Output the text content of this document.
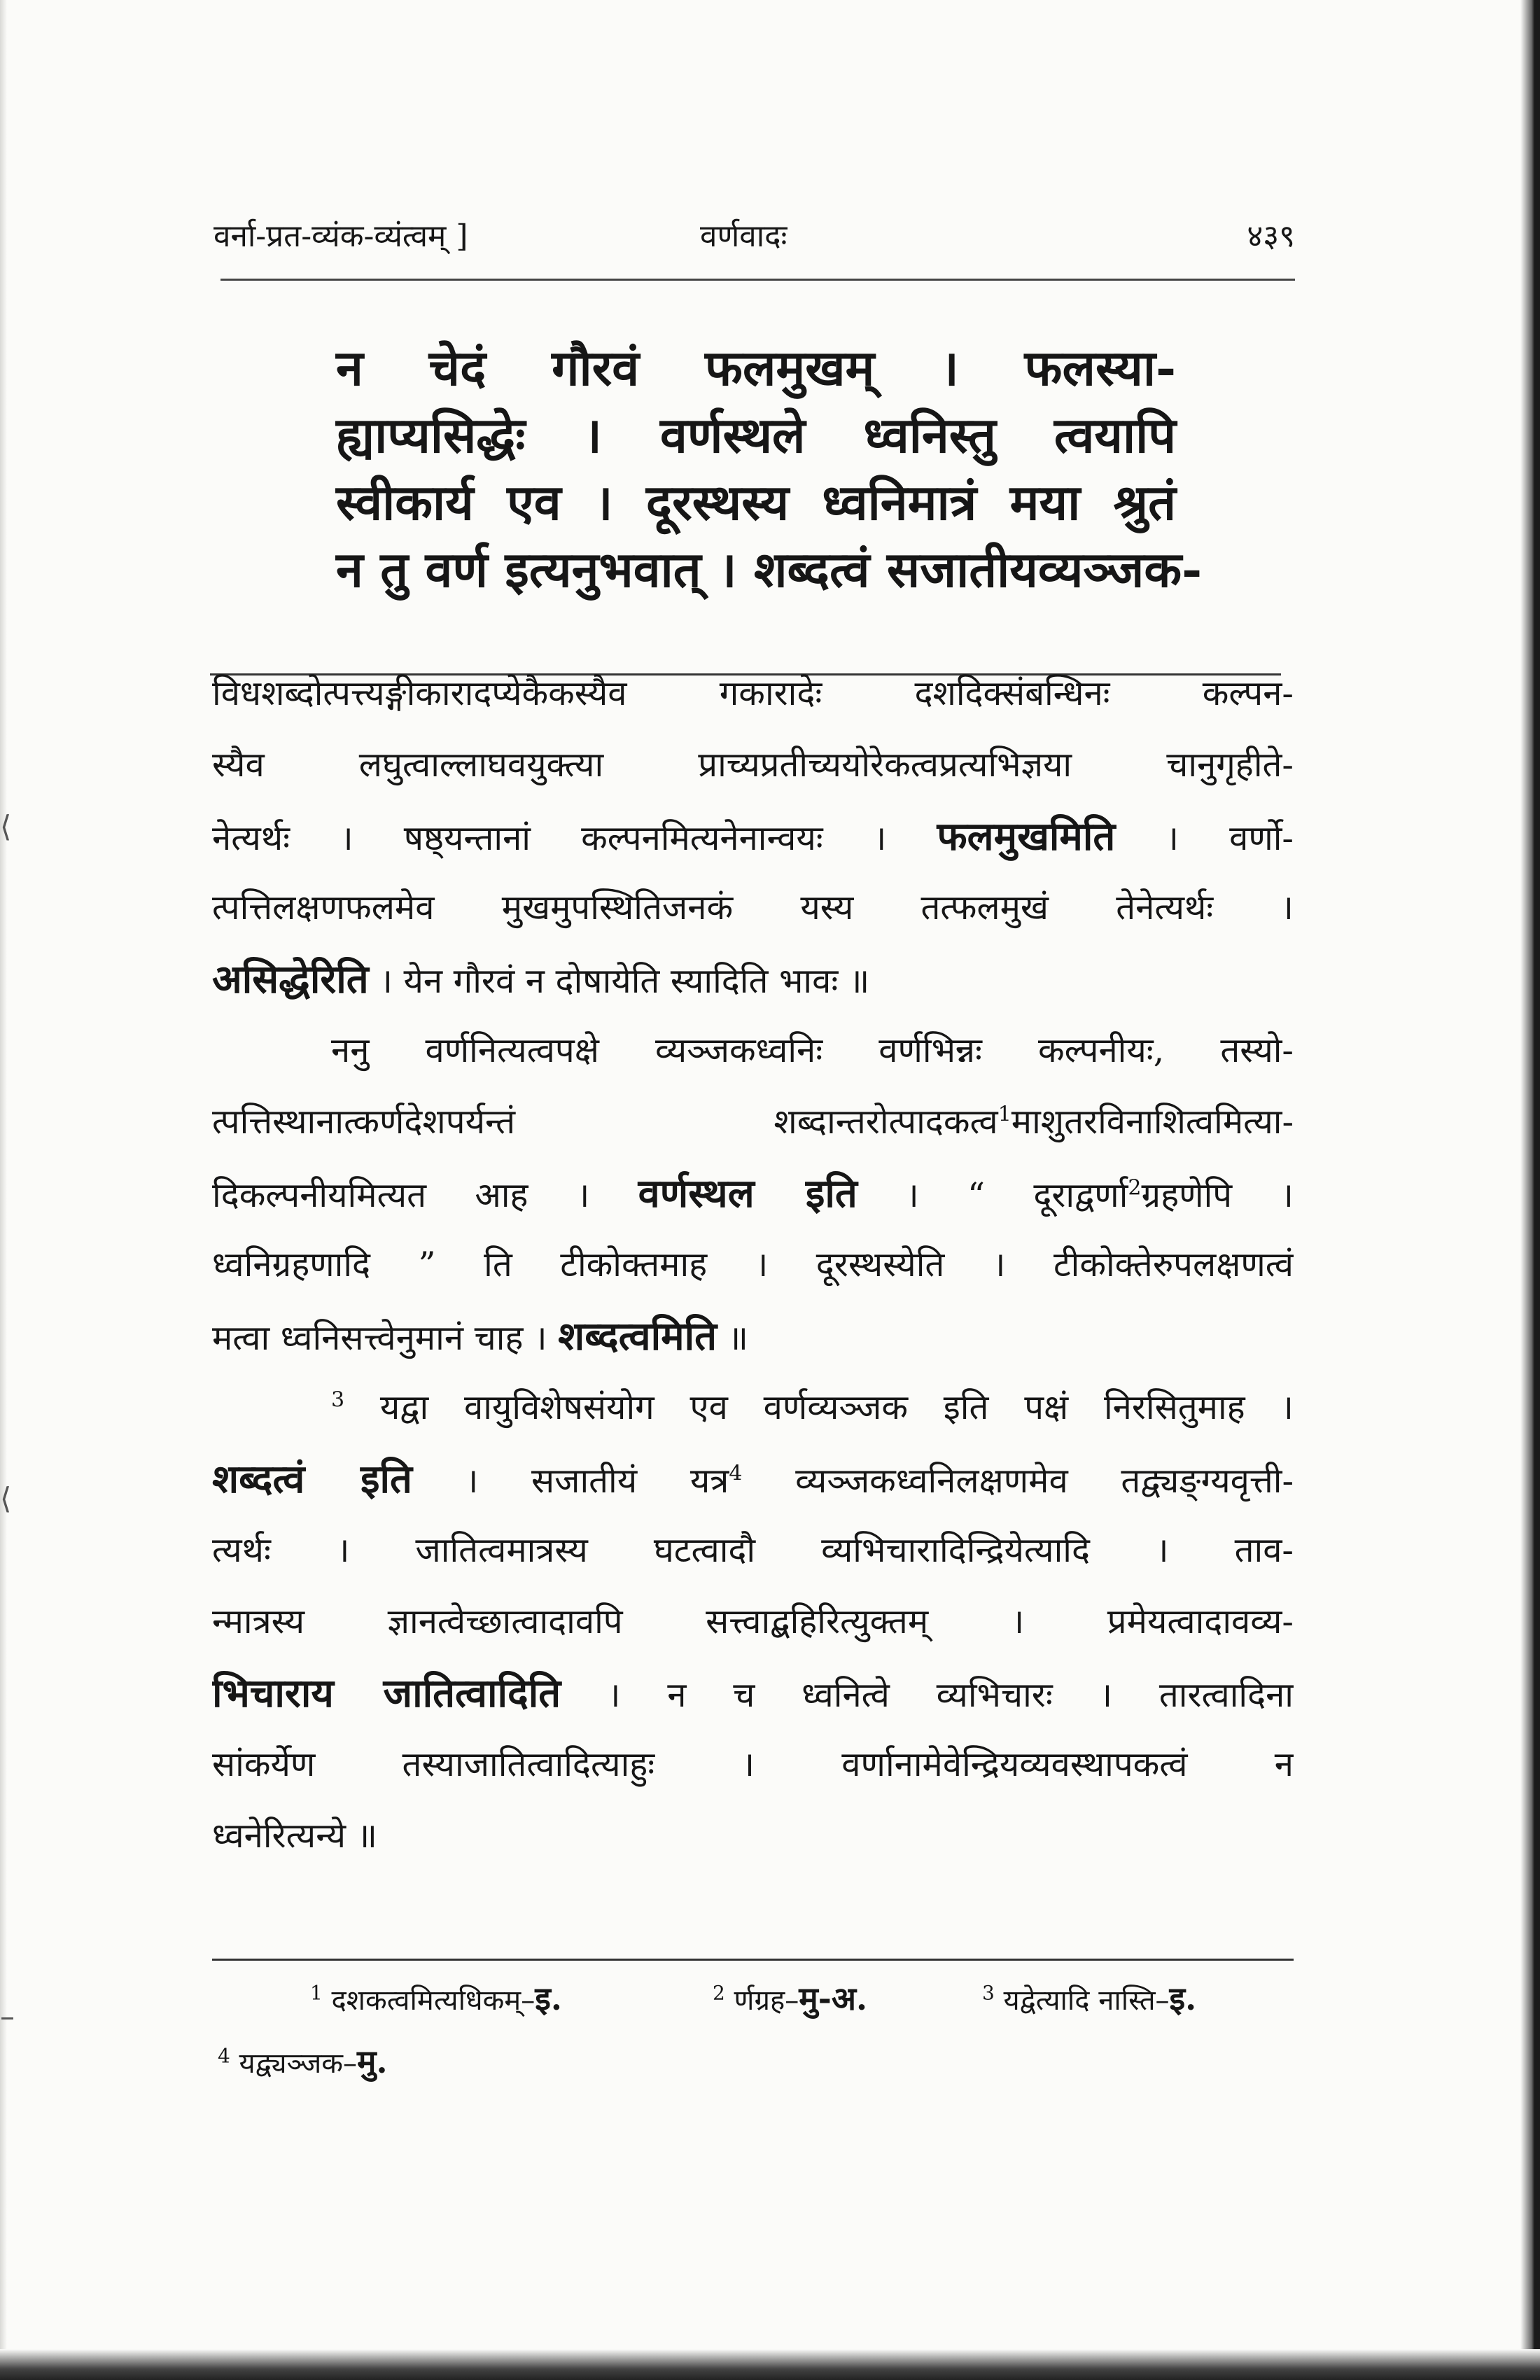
⟨
⟨
–
वर्ना-प्रत-व्यंक-व्यंत्वम् ]	वर्णवादः	४३९
न चेदं गौरवं फलमुखम् । फलस्या-
ह्याप्यसिद्धेः । वर्णस्थले ध्वनिस्तु त्वयापि
स्वीकार्य एव । दूरस्थस्य ध्वनिमात्रं मया श्रुतं
न तु वर्ण इत्यनुभवात् । शब्दत्वं सजातीयव्यञ्जक-
विधशब्दोत्पत्त्यङ्गीकारादप्येकैकस्यैव गकारादेः दशदिक्संबन्धिनः कल्पन-
स्यैव लघुत्वाल्लाघवयुक्त्या प्राच्यप्रतीच्ययोरेकत्वप्रत्यभिज्ञया चानुगृहीते-
नेत्यर्थः । षष्ठ्यन्तानां कल्पनमित्यनेनान्वयः । फलमुखमिति । वर्णो-
त्पत्तिलक्षणफलमेव मुखमुपस्थितिजनकं यस्य तत्फलमुखं तेनेत्यर्थः ।
असिद्धेरिति । येन गौरवं न दोषायेति स्यादिति भावः ॥
ननु वर्णनित्यत्वपक्षे व्यञ्जकध्वनिः वर्णभिन्नः कल्पनीयः, तस्यो-
त्पत्तिस्थानात्कर्णदेशपर्यन्तं शब्दान्तरोत्पादकत्व$^1$माशुतरविनाशित्वमित्या-
दिकल्पनीयमित्यत आह । वर्णस्थल इति । “ दूराद्वर्णा$^2$ग्रहणेपि ।
ध्वनिग्रहणादि ” ति टीकोक्तमाह । दूरस्थस्येति । टीकोक्तेरुपलक्षणत्वं
मत्वा ध्वनिसत्त्वेनुमानं चाह । शब्दत्वमिति ॥
$^3$ यद्वा वायुविशेषसंयोग एव वर्णव्यञ्जक इति पक्षं निरसितुमाह ।
शब्दत्वं इति । सजातीयं यत्र$^4$ व्यञ्जकध्वनिलक्षणमेव तद्व्यङ्ग्यवृत्ती-
त्यर्थः । जातित्वमात्रस्य घटत्वादौ व्यभिचारादिन्द्रियेत्यादि । ताव-
न्मात्रस्य ज्ञानत्वेच्छात्वादावपि सत्त्वाद्बहिरित्युक्तम् । प्रमेयत्वादावव्य-
भिचाराय जातित्वादिति । न च ध्वनित्वे व्यभिचारः । तारत्वादिना
सांकर्येण तस्याजातित्वादित्याहुः । वर्णानामेवेन्द्रियव्यवस्थापकत्वं न
ध्वनेरित्यन्ये ॥
$^1$ दशकत्वमित्यधिकम्–इ.	$^2$ र्णग्रह–मु-अ.	$^3$ यद्वेत्यादि नास्ति–इ.
$^4$ यद्व्यञ्जक–मु.
